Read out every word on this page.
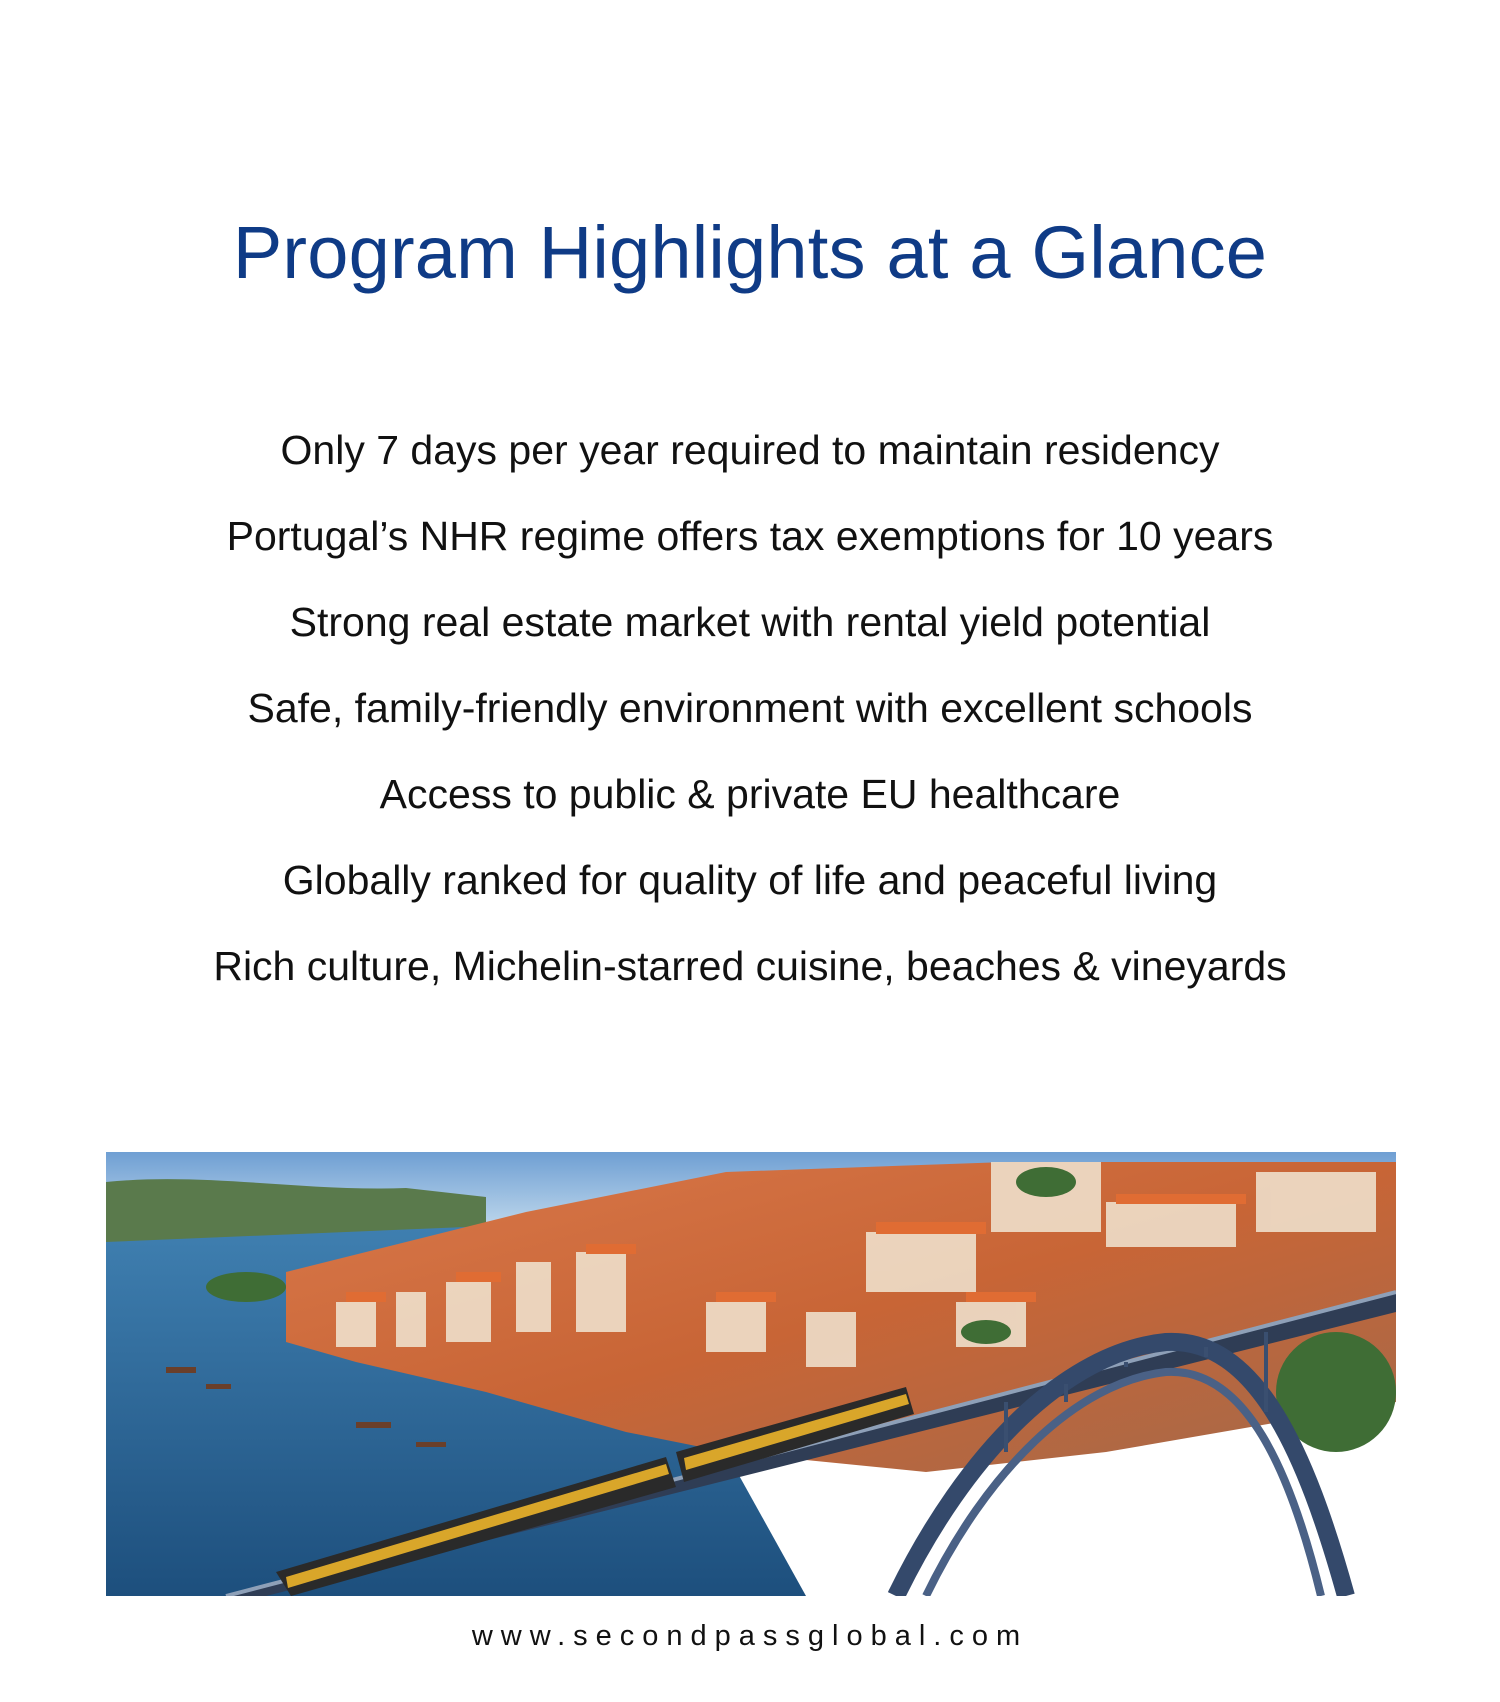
Program Highlights at a Glance
Only 7 days per year required to maintain residency
Portugal’s NHR regime offers tax exemptions for 10 years
Strong real estate market with rental yield potential
Safe, family-friendly environment with excellent schools
Access to public & private EU healthcare
Globally ranked for quality of life and peaceful living
Rich culture, Michelin-starred cuisine, beaches & vineyards
www.secondpassglobal.com
